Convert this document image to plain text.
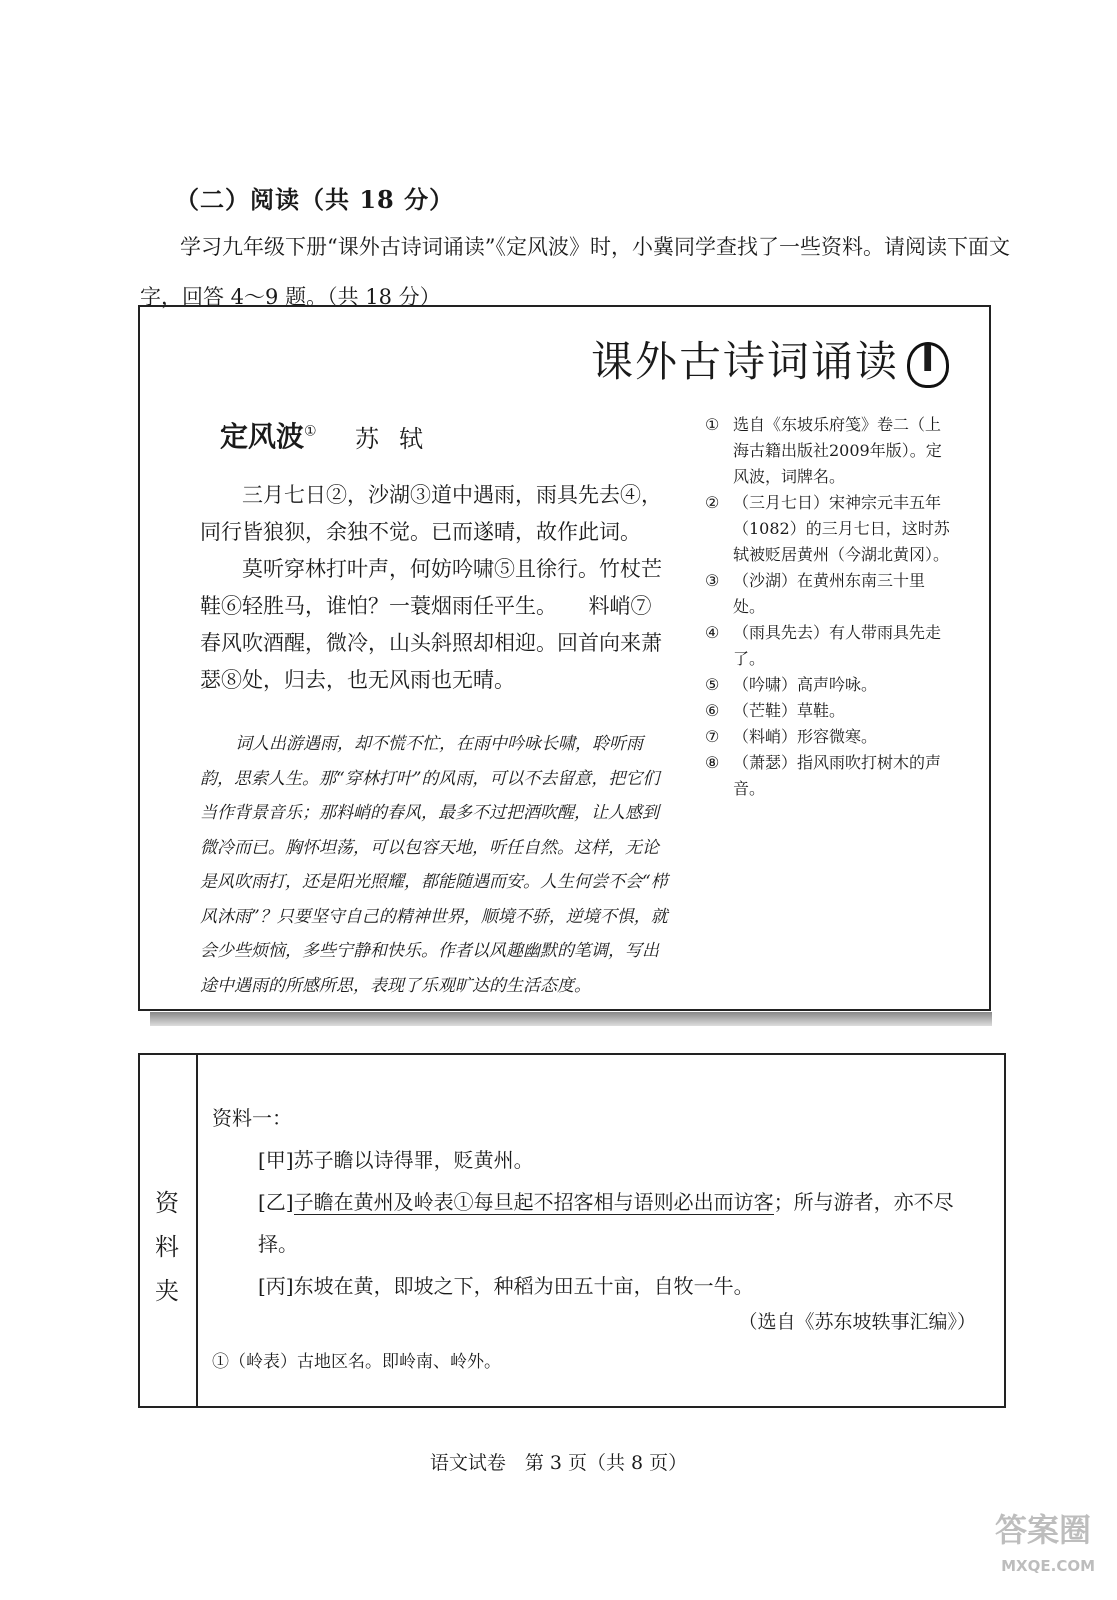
（二）阅读（共 18 分）
学习九年级下册“课外古诗词诵读”《定风波》时，小冀同学查找了一些资料。请阅读下面文字，回答 4～9 题。（共 18 分）
课外古诗词诵读I
定风波① 苏轼

三月七日②，沙湖③道中遇雨，雨具先去④，同行皆狼狈，余独不觉。已而遂晴，故作此词。

莫听穿林打叶声，何妨吟啸⑤且徐行。竹杖芒鞋⑥轻胜马，谁怕？一蓑烟雨任平生。　　料峭⑦春风吹酒醒，微冷，山头斜照却相迎。回首向来萧瑟⑧处，归去，也无风雨也无晴。

词人出游遇雨，却不慌不忙，在雨中吟咏长啸，聆听雨韵，思索人生。那“穿林打叶”的风雨，可以不去留意，把它们当作背景音乐；那料峭的春风，最多不过把酒吹醒，让人感到微冷而已。胸怀坦荡，可以包容天地，听任自然。这样，无论是风吹雨打，还是阳光照耀，都能随遇而安。人生何尝不会“栉风沐雨”？只要坚守自己的精神世界，顺境不骄，逆境不惧，就会少些烦恼，多些宁静和快乐。作者以风趣幽默的笔调，写出途中遇雨的所感所思，表现了乐观旷达的生活态度。
① 选自《东坡乐府笺》卷二（上海古籍出版社2009年版）。定风波，词牌名。
② （三月七日）宋神宗元丰五年（1082）的三月七日，这时苏轼被贬居黄州（今湖北黄冈）。
③ （沙湖）在黄州东南三十里处。
④ （雨具先去）有人带雨具先走了。
⑤ （吟啸）高声吟咏。
⑥ （芒鞋）草鞋。
⑦ （料峭）形容微寒。
⑧ （萧瑟）指风雨吹打树木的声音。
资
料
夹
资料一：
[甲]苏子瞻以诗得罪，贬黄州。
[乙]子瞻在黄州及岭表①每旦起不招客相与语则必出而访客；所与游者，亦不尽择。
[丙]东坡在黄，即坡之下，种稻为田五十亩，自牧一牛。
（选自《苏东坡轶事汇编》）
①（岭表）古地区名。即岭南、岭外。
语文试卷　第 3 页（共 8 页）
答案圈
MXQE.COM
